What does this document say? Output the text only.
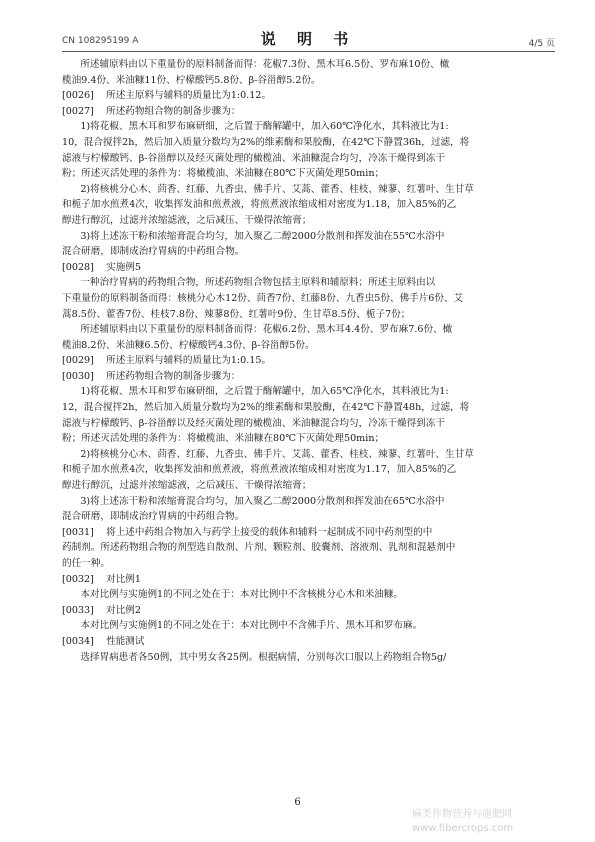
CN 108295199 A	说 明 书	4/5 页

所述辅原料由以下重量份的原料制备而得：花椒7.3份、黑木耳6.5份、罗布麻10份、橄

榄油9.4份、米油糠11份、柠檬酸钙5.8份、β-谷甾醇5.2份。

[0026]    所述主原料与辅料的质量比为1:0.12。

[0027]    所述药物组合物的制备步骤为：

1)将花椒、黑木耳和罗布麻研细，之后置于酶解罐中，加入60℃净化水，其料液比为1:

10，混合搅拌2h，然后加入质量分数均为2%的维素酶和果胶酶，在42℃下静置36h，过滤，将

滤液与柠檬酸钙、β-谷甾醇以及经灭菌处理的橄榄油、米油糠混合均匀，冷冻干燥得到冻干

粉；所述灭活处理的条件为：将橄榄油、米油糠在80℃下灭菌处理50min；

2)将核桃分心木、茴香、红藤、九香虫、佛手片、艾蒿、藿香、桂枝、辣蓼、红薯叶、生甘草

和栀子加水煎煮4次，收集挥发油和煎煮液，将煎煮液浓缩成相对密度为1.18，加入85%的乙

醇进行醇沉，过滤并浓缩滤液，之后减压、干燥得浓缩膏；

3)将上述冻干粉和浓缩膏混合均匀，加入聚乙二醇2000分散剂和挥发油在55℃水浴中

混合研磨，即制成治疗胃病的中药组合物。

[0028]    实施例5

一种治疗胃病的药物组合物，所述药物组合物包括主原料和辅原料；所述主原料由以

下重量份的原料制备而得：核桃分心木12份、茴香7份、红藤8份、九香虫5份、佛手片6份、艾

蒿8.5份、藿香7份、桂枝7.8份、辣蓼8份、红薯叶9份、生甘草8.5份、栀子7份；

所述辅原料由以下重量份的原料制备而得：花椒6.2份、黑木耳4.4份、罗布麻7.6份、橄

榄油8.2份、米油糠6.5份、柠檬酸钙4.3份、β-谷甾醇5份。

[0029]    所述主原料与辅料的质量比为1:0.15。

[0030]    所述药物组合物的制备步骤为：

1)将花椒、黑木耳和罗布麻研细，之后置于酶解罐中，加入65℃净化水，其料液比为1:

12，混合搅拌2h，然后加入质量分数均为2%的维素酶和果胶酶，在42℃下静置48h，过滤，将

滤液与柠檬酸钙、β-谷甾醇以及经灭菌处理的橄榄油、米油糠混合均匀，冷冻干燥得到冻干

粉；所述灭活处理的条件为：将橄榄油、米油糠在80℃下灭菌处理50min；

2)将核桃分心木、茴香、红藤、九香虫、佛手片、艾蒿、藿香、桂枝、辣蓼、红薯叶、生甘草

和栀子加水煎煮4次，收集挥发油和煎煮液，将煎煮液浓缩成相对密度为1.17，加入85%的乙

醇进行醇沉，过滤并浓缩滤液，之后减压、干燥得浓缩膏；

3)将上述冻干粉和浓缩膏混合均匀，加入聚乙二醇2000分散剂和挥发油在65℃水浴中

混合研磨，即制成治疗胃病的中药组合物。

[0031]    将上述中药组合物加入与药学上接受的载体和辅料一起制成不同中药剂型的中

药制剂。所述药物组合物的剂型选自散剂、片剂、颗粒剂、胶囊剂、溶液剂、乳剂和混悬剂中

的任一种。

[0032]    对比例1

本对比例与实施例1的不同之处在于：本对比例中不含核桃分心木和米油糠。

[0033]    对比例2

本对比例与实施例1的不同之处在于：本对比例中不含佛手片、黑木耳和罗布麻。

[0034]    性能测试

选择胃病患者各50例，其中男女各25例。根据病情，分别每次口服以上药物组合物5g/

6
麻类作物营养与施肥网
www.fibercrops.com
